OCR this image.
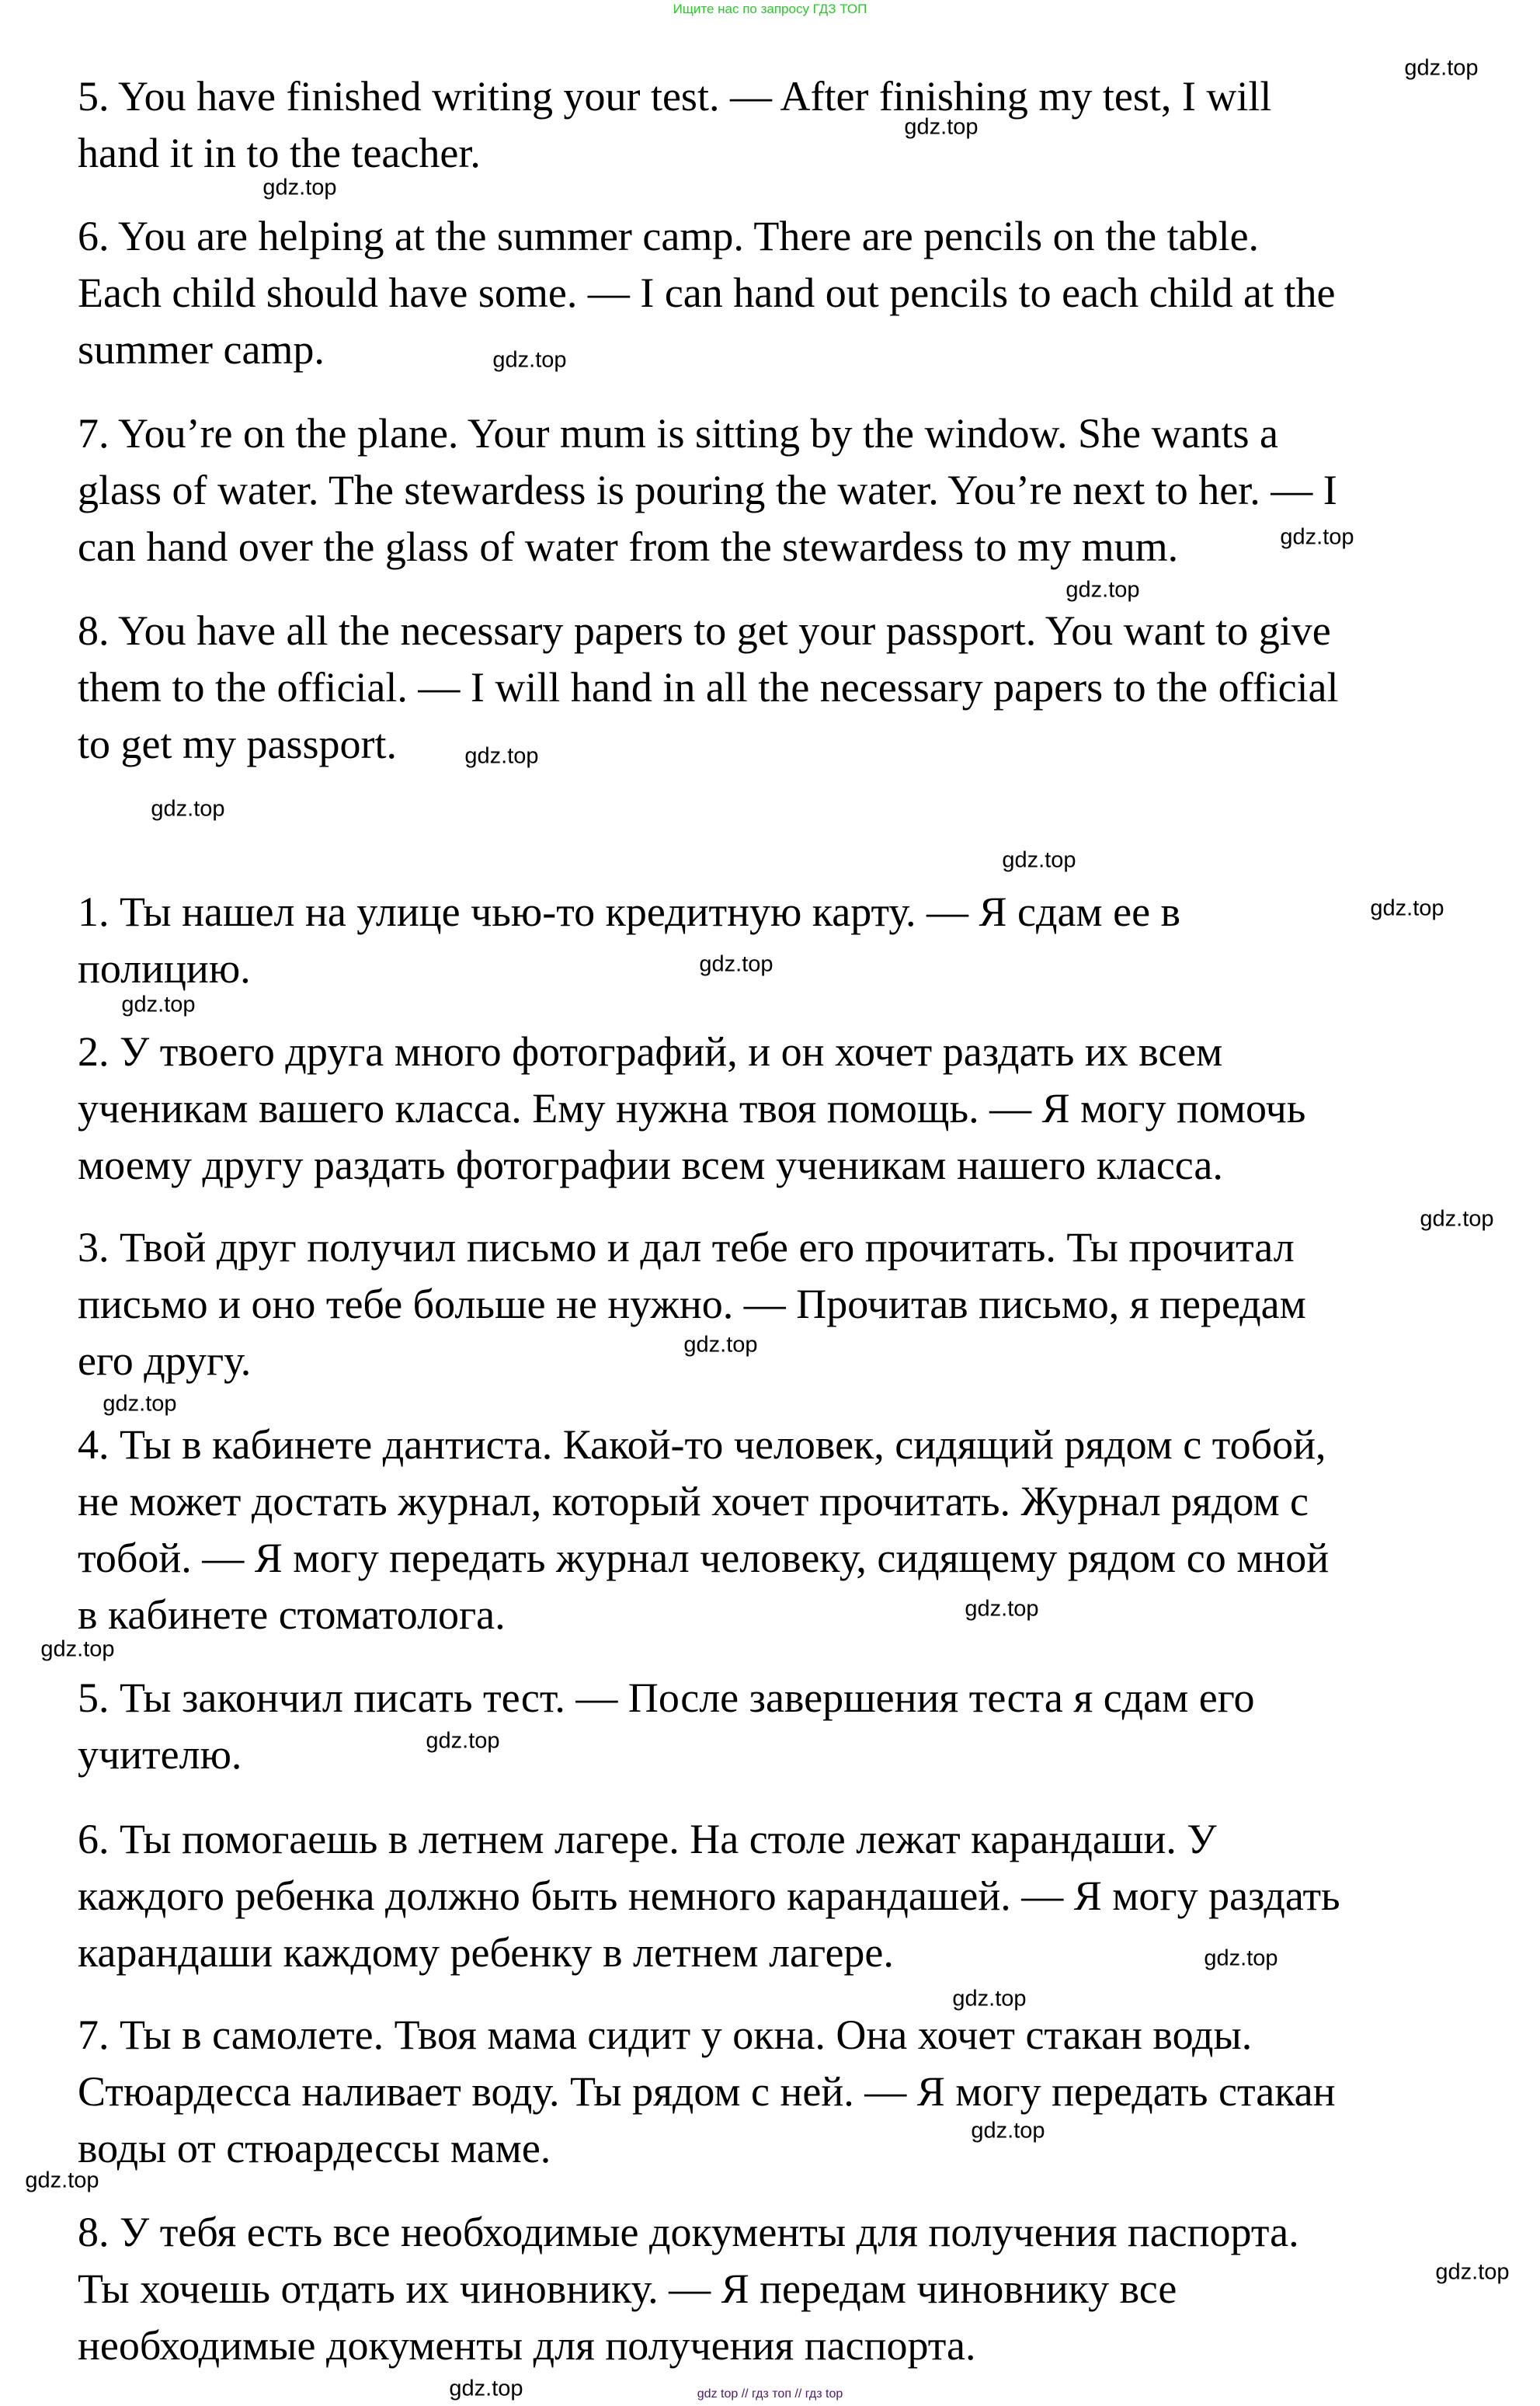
Ищите нас по запросу ГДЗ ТОП
5. You have finished writing your test. — After finishing my test, I will
hand it in to the teacher.
6. You are helping at the summer camp. There are pencils on the table.
Each child should have some. — I can hand out pencils to each child at the
summer camp.
7. You’re on the plane. Your mum is sitting by the window. She wants a
glass of water. The stewardess is pouring the water. You’re next to her. — I
can hand over the glass of water from the stewardess to my mum.
8. You have all the necessary papers to get your passport. You want to give
them to the official. — I will hand in all the necessary papers to the official
to get my passport.
1. Ты нашел на улице чью-то кредитную карту. — Я сдам ее в
полицию.
2. У твоего друга много фотографий, и он хочет раздать их всем
ученикам вашего класса. Ему нужна твоя помощь. — Я могу помочь
моему другу раздать фотографии всем ученикам нашего класса.
3. Твой друг получил письмо и дал тебе его прочитать. Ты прочитал
письмо и оно тебе больше не нужно. — Прочитав письмо, я передам
его другу.
4. Ты в кабинете дантиста. Какой-то человек, сидящий рядом с тобой,
не может достать журнал, который хочет прочитать. Журнал рядом с
тобой. — Я могу передать журнал человеку, сидящему рядом со мной
в кабинете стоматолога.
5. Ты закончил писать тест. — После завершения теста я сдам его
учителю.
6. Ты помогаешь в летнем лагере. На столе лежат карандаши. У
каждого ребенка должно быть немного карандашей. — Я могу раздать
карандаши каждому ребенку в летнем лагере.
7. Ты в самолете. Твоя мама сидит у окна. Она хочет стакан воды.
Стюардесса наливает воду. Ты рядом с ней. — Я могу передать стакан
воды от стюардессы маме.
8. У тебя есть все необходимые документы для получения паспорта.
Ты хочешь отдать их чиновнику. — Я передам чиновнику все
необходимые документы для получения паспорта.
gdz.top
gdz.top
gdz.top
gdz.top
gdz.top
gdz.top
gdz.top
gdz.top
gdz.top
gdz.top
gdz.top
gdz.top
gdz.top
gdz.top
gdz.top
gdz.top
gdz.top
gdz.top
gdz.top
gdz.top
gdz.top
gdz.top
gdz.top
gdz.top	gdz top // гдз топ // гдз top
